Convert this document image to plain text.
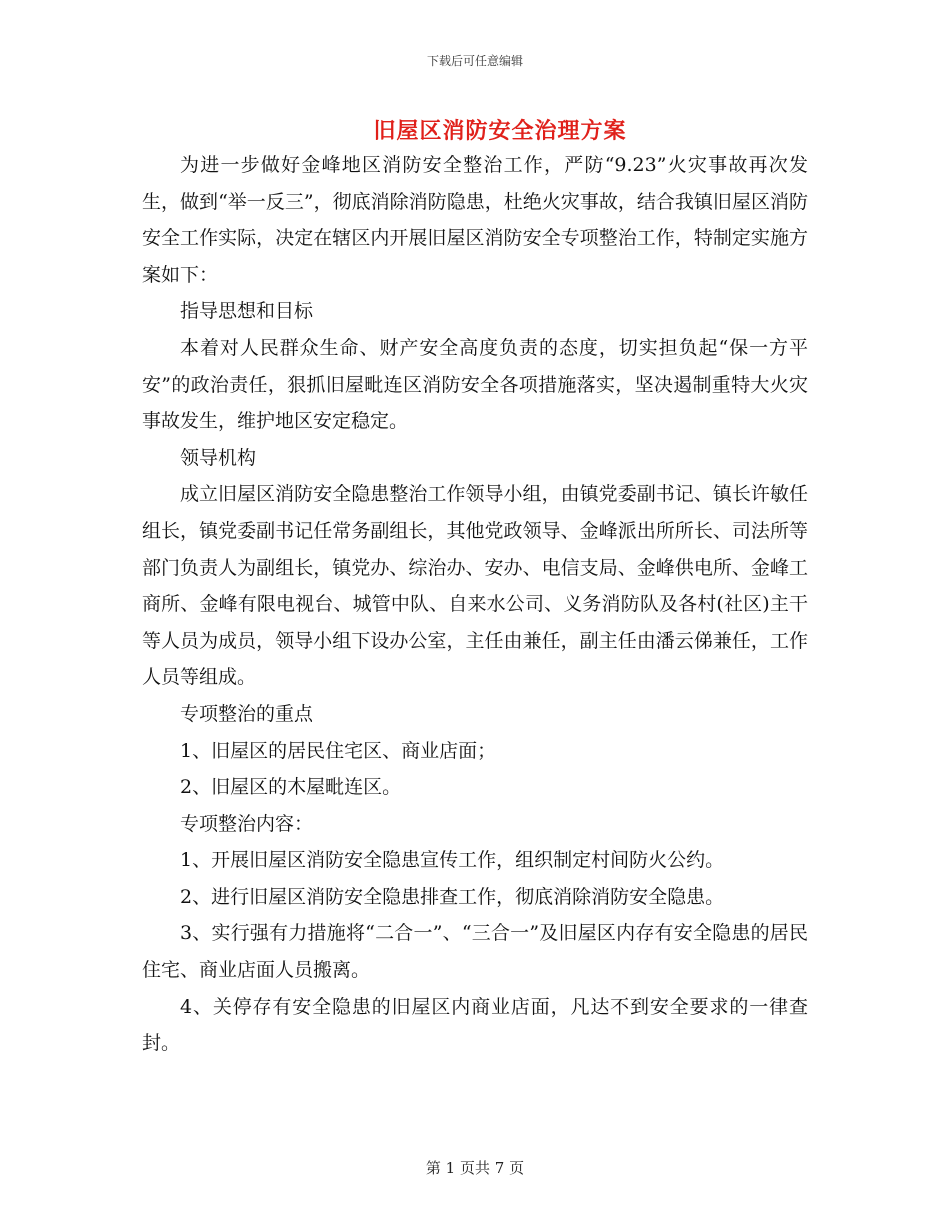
下载后可任意编辑
旧屋区消防安全治理方案

为进一步做好金峰地区消防安全整治工作，严防“9.23”火灾事故再次发生，做到“举一反三”，彻底消除消防隐患，杜绝火灾事故，结合我镇旧屋区消防安全工作实际，决定在辖区内开展旧屋区消防安全专项整治工作，特制定实施方案如下：

指导思想和目标

本着对人民群众生命、财产安全高度负责的态度，切实担负起“保一方平安”的政治责任，狠抓旧屋毗连区消防安全各项措施落实，坚决遏制重特大火灾事故发生，维护地区安定稳定。

领导机构

成立旧屋区消防安全隐患整治工作领导小组，由镇党委副书记、镇长许敏任组长，镇党委副书记任常务副组长，其他党政领导、金峰派出所所长、司法所等部门负责人为副组长，镇党办、综治办、安办、电信支局、金峰供电所、金峰工商所、金峰有限电视台、城管中队、自来水公司、义务消防队及各村(社区)主干等人员为成员，领导小组下设办公室，主任由兼任，副主任由潘云俤兼任，工作人员等组成。

专项整治的重点

1、旧屋区的居民住宅区、商业店面；

2、旧屋区的木屋毗连区。

专项整治内容：

1、开展旧屋区消防安全隐患宣传工作，组织制定村间防火公约。

2、进行旧屋区消防安全隐患排查工作，彻底消除消防安全隐患。

3、实行强有力措施将“二合一”、“三合一”及旧屋区内存有安全隐患的居民住宅、商业店面人员搬离。

4、关停存有安全隐患的旧屋区内商业店面，凡达不到安全要求的一律查封。

第 1 页共 7 页
